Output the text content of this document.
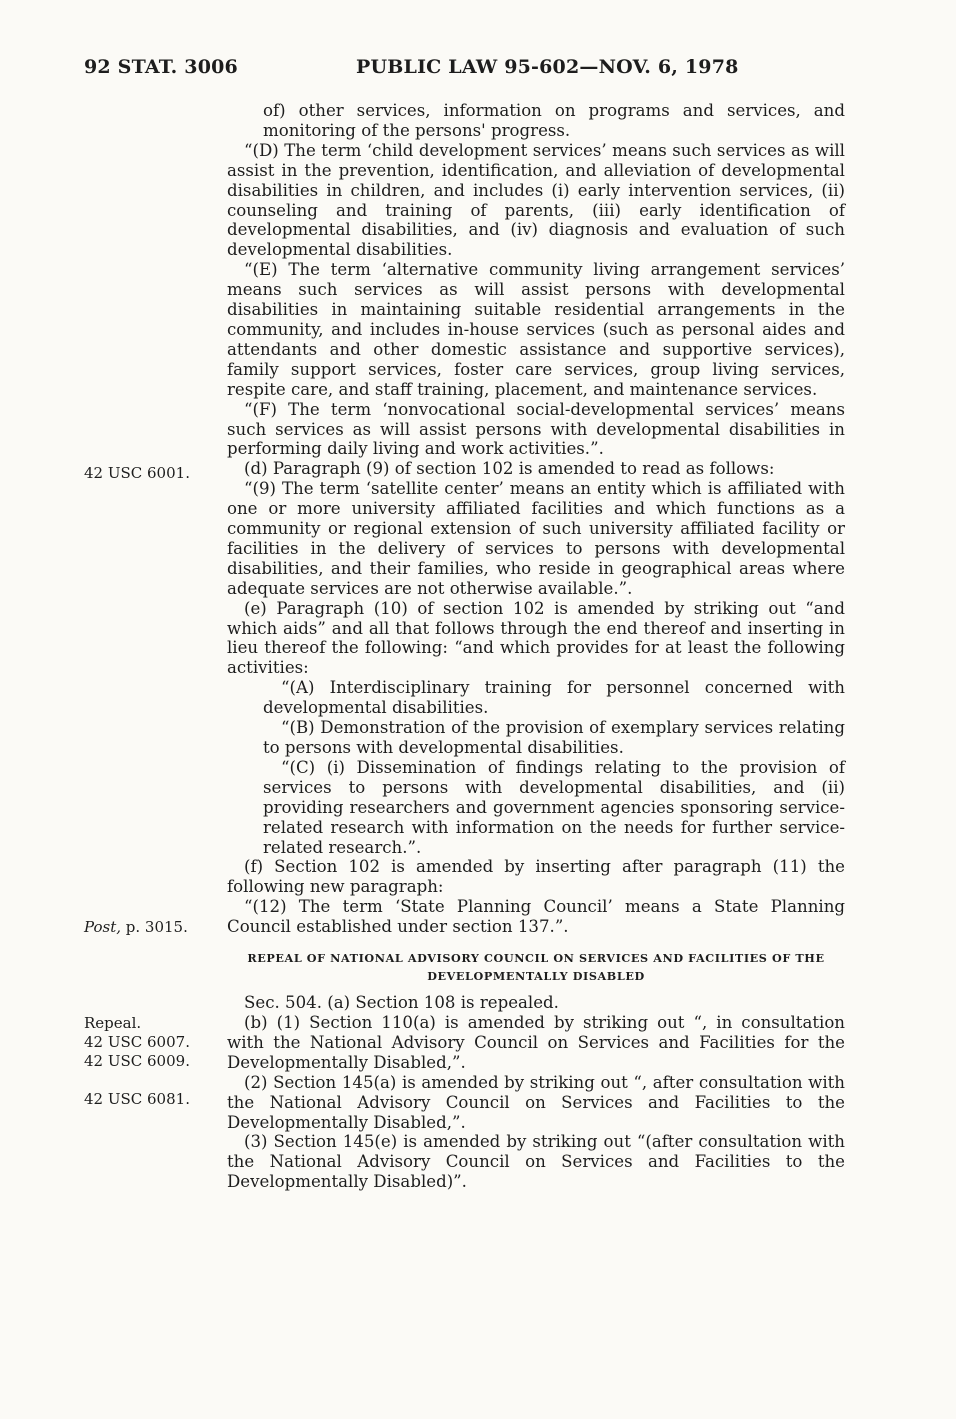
92 STAT. 3006	PUBLIC LAW 95-602—NOV. 6, 1978
42 USC 6001.
Post, p. 3015.
Repeal.
42 USC 6007.
42 USC 6009.
42 USC 6081.

of) other services, information on programs and services, and monitoring of the persons' progress.

“(D) The term ‘child development services’ means such services as will assist in the prevention, identification, and alleviation of developmental disabilities in children, and includes (i) early intervention services, (ii) counseling and training of parents, (iii) early identification of developmental disabilities, and (iv) diagnosis and evaluation of such developmental disabilities.

“(E) The term ‘alternative community living arrangement services’ means such services as will assist persons with developmental disabilities in maintaining suitable residential arrangements in the community, and includes in-house services (such as personal aides and attendants and other domestic assistance and supportive services), family support services, foster care services, group living services, respite care, and staff training, placement, and maintenance services.

“(F) The term ‘nonvocational social-developmental services’ means such services as will assist persons with developmental disabilities in performing daily living and work activities.”.

(d) Paragraph (9) of section 102 is amended to read as follows:

“(9) The term ‘satellite center’ means an entity which is affiliated with one or more university affiliated facilities and which functions as a community or regional extension of such university affiliated facility or facilities in the delivery of services to persons with developmental disabilities, and their families, who reside in geographical areas where adequate services are not otherwise available.”.

(e) Paragraph (10) of section 102 is amended by striking out “and which aids” and all that follows through the end thereof and inserting in lieu thereof the following: “and which provides for at least the following activities:

“(A) Interdisciplinary training for personnel concerned with developmental disabilities.

“(B) Demonstration of the provision of exemplary services relating to persons with developmental disabilities.

“(C) (i) Dissemination of findings relating to the provision of services to persons with developmental disabilities, and (ii) providing researchers and government agencies sponsoring service-related research with information on the needs for further service-related research.”.

(f) Section 102 is amended by inserting after paragraph (11) the following new paragraph:

“(12) The term ‘State Planning Council’ means a State Planning Council established under section 137.”.

REPEAL OF NATIONAL ADVISORY COUNCIL ON SERVICES AND FACILITIES OF THE DEVELOPMENTALLY DISABLED

Sec. 504. (a) Section 108 is repealed.

(b) (1) Section 110(a) is amended by striking out “, in consultation with the National Advisory Council on Services and Facilities for the Developmentally Disabled,”.

(2) Section 145(a) is amended by striking out “, after consultation with the National Advisory Council on Services and Facilities to the Developmentally Disabled,”.

(3) Section 145(e) is amended by striking out “(after consultation with the National Advisory Council on Services and Facilities to the Developmentally Disabled)”.
